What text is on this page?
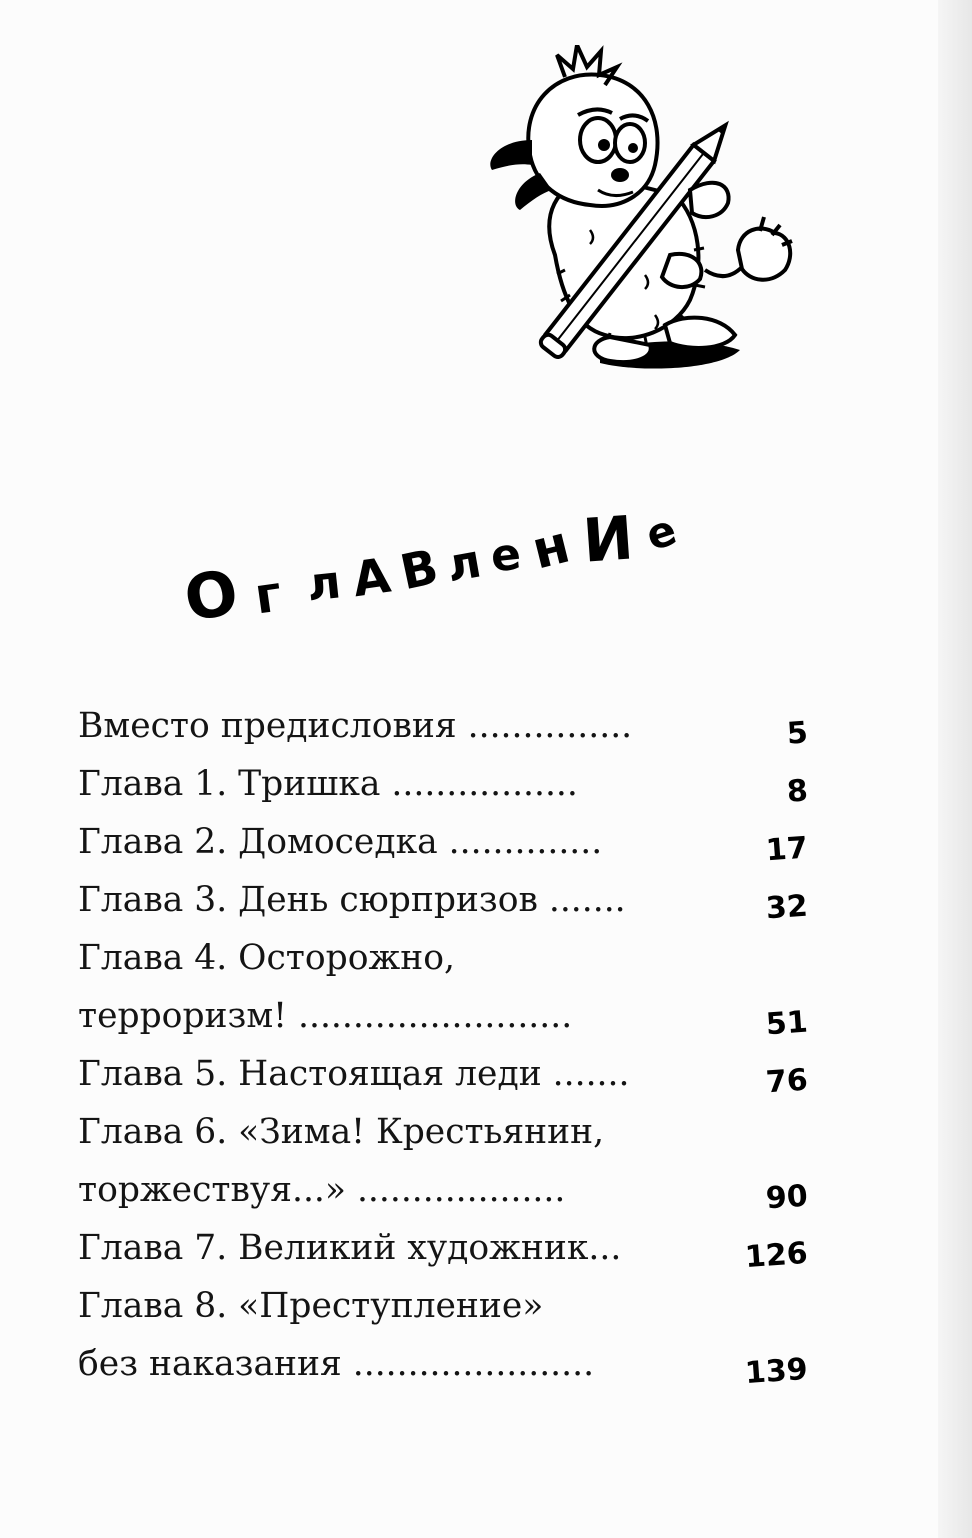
О г л А В л е н И е
Вместо предисловия ...............	5
Глава 1. Тришка .................	8
Глава 2. Домоседка ..............	17
Глава 3. День сюрпризов .......	32
Глава 4. Осторожно,
терроризм! .........................	51
Глава 5. Настоящая леди .......	76
Глава 6. «Зима! Крестьянин,
торжествуя...» ...................	90
Глава 7. Великий художник...	126
Глава 8. «Преступление»
без наказания ......................	139
